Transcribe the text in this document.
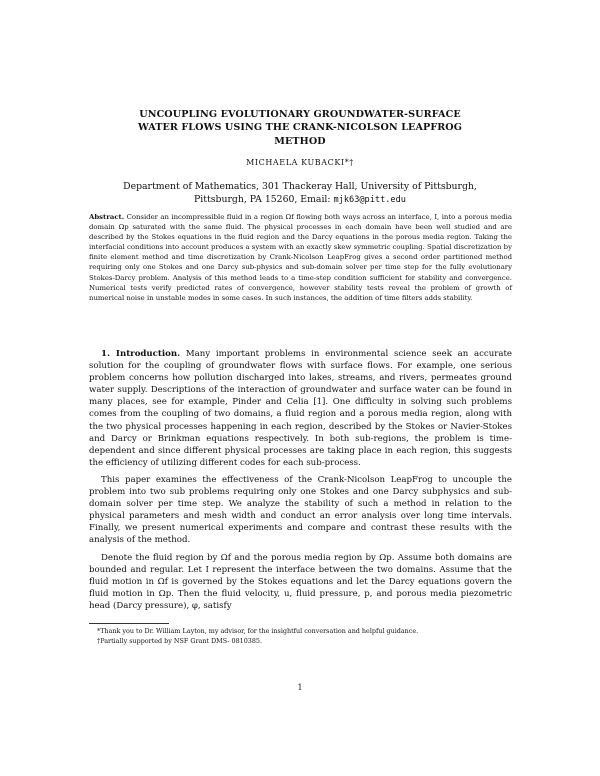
UNCOUPLING EVOLUTIONARY GROUNDWATER-SURFACE
WATER FLOWS USING THE CRANK-NICOLSON LEAPFROG
METHOD
MICHAELA KUBACKI*†
Department of Mathematics, 301 Thackeray Hall, University of Pittsburgh,
Pittsburgh, PA 15260, Email: mjk63@pitt.edu
Abstract. Consider an incompressible fluid in a region Ωf flowing both ways across an interface, I, into a porous media domain Ωp saturated with the same fluid. The physical processes in each domain have been well studied and are described by the Stokes equations in the fluid region and the Darcy equations in the porous media region. Taking the interfacial conditions into account produces a system with an exactly skew symmetric coupling. Spatial discretization by finite element method and time discretization by Crank-Nicolson LeapFrog gives a second order partitioned method requiring only one Stokes and one Darcy sub-physics and sub-domain solver per time step for the fully evolutionary Stokes-Darcy problem. Analysis of this method leads to a time-step condition sufficient for stability and convergence. Numerical tests verify predicted rates of convergence, however stability tests reveal the problem of growth of numerical noise in unstable modes in some cases. In such instances, the addition of time filters adds stability.

1. Introduction. Many important problems in environmental science seek an accurate solution for the coupling of groundwater flows with surface flows. For example, one serious problem concerns how pollution discharged into lakes, streams, and rivers, permeates ground water supply. Descriptions of the interaction of groundwater and surface water can be found in many places, see for example, Pinder and Celia [1]. One difficulty in solving such problems comes from the coupling of two domains, a fluid region and a porous media region, along with the two physical processes happening in each region, described by the Stokes or Navier-Stokes and Darcy or Brinkman equations respectively. In both sub-regions, the problem is time-dependent and since different physical processes are taking place in each region, this suggests the efficiency of utilizing different codes for each sub-process.

This paper examines the effectiveness of the Crank-Nicolson LeapFrog to uncouple the problem into two sub problems requiring only one Stokes and one Darcy subphysics and sub-domain solver per time step. We analyze the stability of such a method in relation to the physical parameters and mesh width and conduct an error analysis over long time intervals. Finally, we present numerical experiments and compare and contrast these results with the analysis of the method.

Denote the fluid region by Ωf and the porous media region by Ωp. Assume both domains are bounded and regular. Let I represent the interface between the two domains. Assume that the fluid motion in Ωf is governed by the Stokes equations and let the Darcy equations govern the fluid motion in Ωp. Then the fluid velocity, u, fluid pressure, p, and porous media piezometric head (Darcy pressure), φ, satisfy

*Thank you to Dr. William Layton, my advisor, for the insightful conversation and helpful guidance.

†Partially supported by NSF Grant DMS- 0810385.

1
